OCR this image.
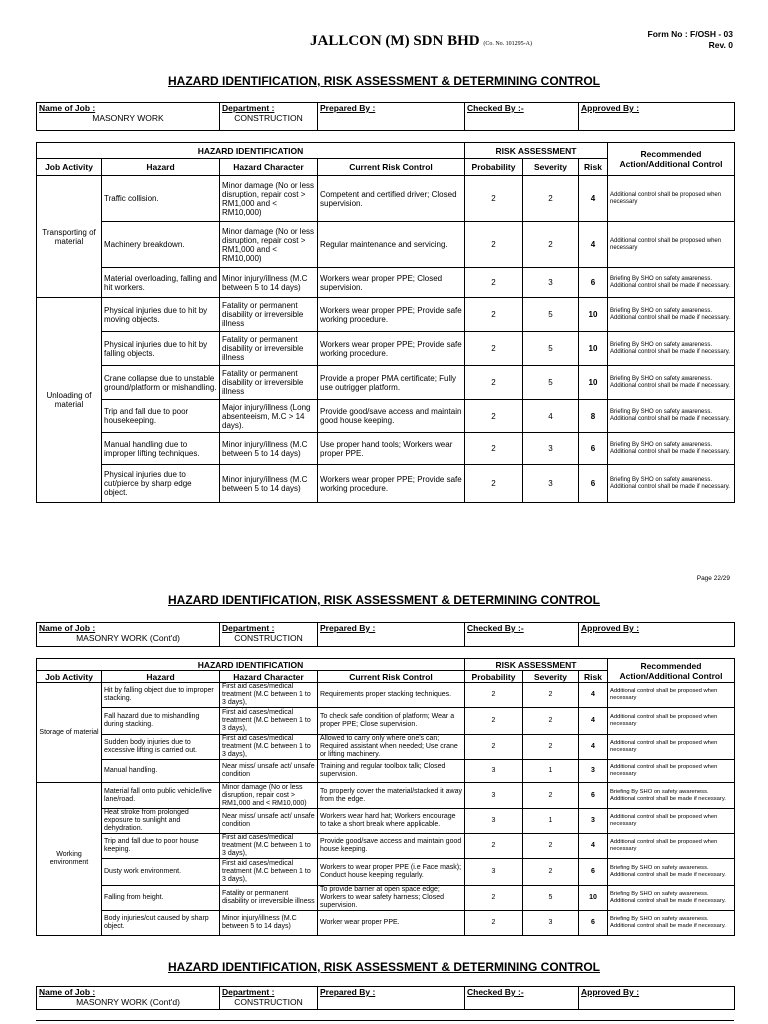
JALLCON (M) SDN BHD (Co. No. 101295-A)
Form No : F/OSH - 03
Rev. 0
HAZARD IDENTIFICATION, RISK ASSESSMENT & DETERMINING CONTROL
Name of Job :
MASONRY WORK
	Department :
CONSTRUCTION
	Prepared By :	Checked By :-	Approved By :
HAZARD IDENTIFICATION				RISK ASSESSMENT			Recommended Action/Additional Control
Job Activity	Hazard	Hazard Character	Current Risk Control	Probability	Severity	Risk	
Transporting of material	Traffic collision.	Minor damage (No or less disruption, repair cost > RM1,000 and < RM10,000)	Competent and certified driver; Closed supervision.	2	2	4	Additional control shall be proposed when necessary
	Machinery breakdown.	Minor damage (No or less disruption, repair cost > RM1,000 and < RM10,000)	Regular maintenance and servicing.	2	2	4	Additional control shall be proposed when necessary
	Material overloading, falling and hit workers.	Minor injury/illness (M.C between 5 to 14 days)	Workers wear proper PPE; Closed supervision.	2	3	6	Briefing By SHO on safety awareness. Additional control shall be made if necessary.
Unloading of material	Physical injuries due to hit by moving objects.	Fatality or permanent disability or irreversible illness	Workers wear proper PPE; Provide safe working procedure.	2	5	10	Briefing By SHO on safety awareness. Additional control shall be made if necessary.
	Physical injuries due to hit by falling objects.	Fatality or permanent disability or irreversible illness	Workers wear proper PPE; Provide safe working procedure.	2	5	10	Briefing By SHO on safety awareness. Additional control shall be made if necessary.
	Crane collapse due to unstable ground/platform or mishandling.	Fatality or permanent disability or irreversible illness	Provide a proper PMA certificate; Fully use outrigger platform.	2	5	10	Briefing By SHO on safety awareness. Additional control shall be made if necessary.
	Trip and fall due to poor housekeeping.	Major injury/illness (Long absenteeism, M.C > 14 days).	Provide good/save access and maintain good house keeping.	2	4	8	Briefing By SHO on safety awareness. Additional control shall be made if necessary.
	Manual handling due to improper lifting techniques.	Minor injury/illness (M.C between 5 to 14 days)	Use proper hand tools; Workers wear proper PPE.	2	3	6	Briefing By SHO on safety awareness. Additional control shall be made if necessary.
	Physical injuries due to cut/pierce by sharp edge object.	Minor injury/illness (M.C between 5 to 14 days)	Workers wear proper PPE; Provide safe working procedure.	2	3	6	Briefing By SHO on safety awareness. Additional control shall be made if necessary.
Page 22/29
HAZARD IDENTIFICATION, RISK ASSESSMENT & DETERMINING CONTROL
Name of Job :
MASONRY WORK (Cont'd)
	Department :
CONSTRUCTION
	Prepared By :	Checked By :-	Approved By :
HAZARD IDENTIFICATION				RISK ASSESSMENT			Recommended Action/Additional Control
Job Activity	Hazard	Hazard Character	Current Risk Control	Probability	Severity	Risk	
Storage of material	Hit by falling object due to improper stacking.	First aid cases/medical treatment (M.C between 1 to 3 days),	Requirements proper stacking techniques.	2	2	4	Additional control shall be proposed when necessary
	Fall hazard due to mishandling during stacking.	First aid cases/medical treatment (M.C between 1 to 3 days),	To check safe condition of platform; Wear a proper PPE; Close supervision.	2	2	4	Additional control shall be proposed when necessary
	Sudden body injuries due to excessive lifting is carried out.	First aid cases/medical treatment (M.C between 1 to 3 days),	Allowed to carry only where one's can; Required assistant when needed; Use crane or lifting machinery.	2	2	4	Additional control shall be proposed when necessary
	Manual handling.	Near miss/ unsafe act/ unsafe condition	Training and regular toolbox talk; Closed supervision.	3	1	3	Additional control shall be proposed when necessary
Working environment	Material fall onto public vehicle/live lane/road.	Minor damage (No or less disruption, repair cost > RM1,000 and < RM10,000)	To properly cover the material/stacked it away from the edge.	3	2	6	Briefing By SHO on safety awareness. Additional control shall be made if necessary.
	Heat stroke from prolonged exposure to sunlight and dehydration.	Near miss/ unsafe act/ unsafe condition	Workers wear hard hat; Workers encourage to take a short break where applicable.	3	1	3	Additional control shall be proposed when necessary
	Trip and fall due to poor house keeping.	First aid cases/medical treatment (M.C between 1 to 3 days),	Provide good/save access and maintain good house keeping.	2	2	4	Additional control shall be proposed when necessary
	Dusty work environment.	First aid cases/medical treatment (M.C between 1 to 3 days),	Workers to wear proper PPE (i.e Face mask); Conduct house keeping regularly.	3	2	6	Briefing By SHO on safety awareness. Additional control shall be made if necessary.
	Falling from height.	Fatality or permanent disability or irreversible illness	To provide barrier at open space edge; Workers to wear safety harness; Closed supervision.	2	5	10	Briefing By SHO on safety awareness. Additional control shall be made if necessary.
	Body injuries/cut caused by sharp object.	Minor injury/illness (M.C between 5 to 14 days)	Worker wear proper PPE.	2	3	6	Briefing By SHO on safety awareness. Additional control shall be made if necessary.
HAZARD IDENTIFICATION, RISK ASSESSMENT & DETERMINING CONTROL
Name of Job :
MASONRY WORK (Cont'd)
	Department :
CONSTRUCTION
	Prepared By :	Checked By :-	Approved By :
